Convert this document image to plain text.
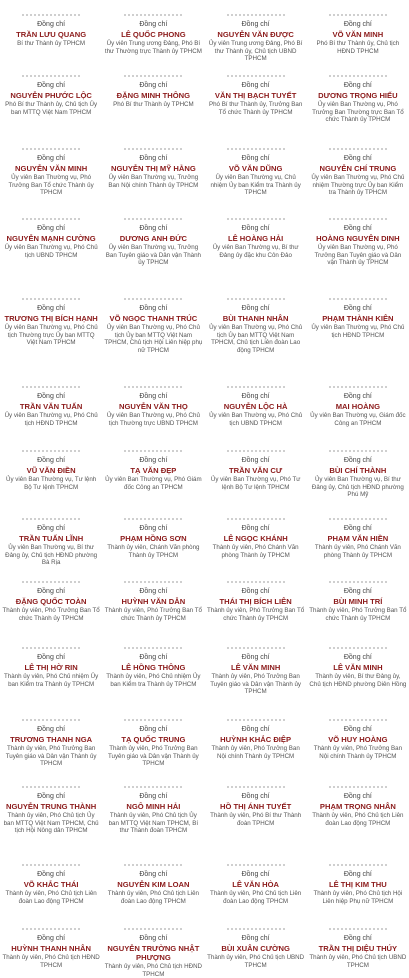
Đồng chí
TRẦN LƯU QUANG
Bí thư Thành ủy TPHCM
Đồng chí
LÊ QUỐC PHONG
Ủy viên Trung ương Đảng, Phó Bí thư Thường trực Thành ủy TPHCM
Đồng chí
NGUYỄN VĂN ĐƯỢC
Ủy viên Trung ương Đảng, Phó Bí thư Thành ủy, Chủ tịch UBND TPHCM
Đồng chí
VÕ VĂN MINH
Phó Bí thư Thành ủy, Chủ tịch HĐND TPHCM
Đồng chí
NGUYỄN PHƯỚC LỘC
Phó Bí thư Thành ủy, Chủ tịch Ủy ban MTTQ Việt Nam TPHCM
Đồng chí
ĐẶNG MINH THÔNG
Phó Bí thư Thành ủy TPHCM
Đồng chí
VĂN THỊ BẠCH TUYẾT
Phó Bí thư Thành ủy, Trưởng Ban Tổ chức Thành ủy TPHCM
Đồng chí
DƯƠNG TRỌNG HIẾU
Ủy viên Ban Thường vụ, Phó Trưởng Ban Thường trực Ban Tổ chức Thành ủy TPHCM
Đồng chí
NGUYỄN VĂN MINH
Ủy viên Ban Thường vụ, Phó Trưởng Ban Tổ chức Thành ủy TPHCM
Đồng chí
NGUYỄN THỊ MỸ HẰNG
Ủy viên Ban Thường vụ, Trưởng Ban Nội chính Thành ủy TPHCM
Đồng chí
VÕ VĂN DŨNG
Ủy viên Ban Thường vụ, Chủ nhiệm Ủy ban Kiểm tra Thành ủy TPHCM
Đồng chí
NGUYỄN CHÍ TRUNG
Ủy viên Ban Thường vụ, Phó Chủ nhiệm Thường trực Ủy ban Kiểm tra Thành ủy TPHCM
Đồng chí
NGUYỄN MẠNH CƯỜNG
Ủy viên Ban Thường vụ, Phó Chủ tịch UBND TPHCM
Đồng chí
DƯƠNG ANH ĐỨC
Ủy viên Ban Thường vụ, Trưởng Ban Tuyên giáo và Dân vận Thành ủy TPHCM
Đồng chí
LÊ HOÀNG HẢI
Ủy viên Ban Thường vụ, Bí thư Đảng ủy đặc khu Côn Đảo
Đồng chí
HOÀNG NGUYÊN DINH
Ủy viên Ban Thường vụ, Phó Trưởng Ban Tuyên giáo và Dân vận Thành ủy TPHCM
Đồng chí
TRƯƠNG THỊ BÍCH HẠNH
Ủy viên Ban Thường vụ, Phó Chủ tịch Thường trực Ủy ban MTTQ Việt Nam TPHCM
Đồng chí
VÕ NGỌC THANH TRÚC
Ủy viên Ban Thường vụ, Phó Chủ tịch Ủy ban MTTQ Việt Nam TPHCM, Chủ tịch Hội Liên hiệp phụ nữ TPHCM
Đồng chí
BÙI THANH NHÂN
Ủy viên Ban Thường vụ, Phó Chủ tịch Ủy ban MTTQ Việt Nam TPHCM, Chủ tịch Liên đoàn Lao động TPHCM
Đồng chí
PHẠM THÀNH KIÊN
Ủy viên Ban Thường vụ, Phó Chủ tịch HĐND TPHCM
Đồng chí
TRẦN VĂN TUẤN
Ủy viên Ban Thường vụ, Phó Chủ tịch HĐND TPHCM
Đồng chí
NGUYỄN VĂN THỌ
Ủy viên Ban Thường vụ, Phó Chủ tịch Thường trực UBND TPHCM
Đồng chí
NGUYỄN LỘC HÀ
Ủy viên Ban Thường vụ, Phó Chủ tịch UBND TPHCM
Đồng chí
MAI HOÀNG
Ủy viên Ban Thường vụ, Giám đốc Công an TPHCM
Đồng chí
VŨ VĂN ĐIỀN
Ủy viên Ban Thường vụ, Tư lệnh Bộ Tư lệnh TPHCM
Đồng chí
TẠ VĂN ĐẸP
Ủy viên Ban Thường vụ, Phó Giám đốc Công an TPHCM
Đồng chí
TRẦN VĂN CƯ
Ủy viên Ban Thường vụ, Phó Tư lệnh Bộ Tư lệnh TPHCM
Đồng chí
BÙI CHÍ THÀNH
Ủy viên Ban Thường vụ, Bí thư Đảng ủy, Chủ tịch HĐND phường Phú Mỹ
Đồng chí
TRẦN TUẤN LĨNH
Ủy viên Ban Thường vụ, Bí thư Đảng ủy, Chủ tịch HĐND phường Bà Rịa
Đồng chí
PHẠM HỒNG SƠN
Thành ủy viên, Chánh Văn phòng Thành ủy TPHCM
Đồng chí
LÊ NGỌC KHÁNH
Thành ủy viên, Phó Chánh Văn phòng Thành ủy TPHCM
Đồng chí
PHẠM VĂN HIỀN
Thành ủy viên, Phó Chánh Văn phòng Thành ủy TPHCM
Đồng chí
ĐẶNG QUỐC TOÀN
Thành ủy viên, Phó Trưởng Ban Tổ chức Thành ủy TPHCM
Đồng chí
HUỲNH VĂN DẪN
Thành ủy viên, Phó Trưởng Ban Tổ chức Thành ủy TPHCM
Đồng chí
THÁI THỊ BÍCH LIÊN
Thành ủy viên, Phó Trưởng Ban Tổ chức Thành ủy TPHCM
Đồng chí
BÙI MINH TRÍ
Thành ủy viên, Phó Trưởng Ban Tổ chức Thành ủy TPHCM
Đồng chí
LÊ THỊ HỜ RIN
Thành ủy viên, Phó Chủ nhiệm Ủy ban Kiểm tra Thành ủy TPHCM
Đồng chí
LÊ HỒNG THÔNG
Thành ủy viên, Phó Chủ nhiệm Ủy ban Kiểm tra Thành ủy TPHCM
Đồng chí
LÊ VĂN MINH
Thành ủy viên, Phó Trưởng Ban Tuyên giáo và Dân vận Thành ủy TPHCM
Đồng chí
LÊ VĂN MINH
Thành ủy viên, Bí thư Đảng ủy, Chủ tịch HĐND phường Diên Hồng
Đồng chí
TRƯƠNG THANH NGA
Thành ủy viên, Phó Trưởng Ban Tuyên giáo và Dân vận Thành ủy TPHCM
Đồng chí
TẠ QUỐC TRUNG
Thành ủy viên, Phó Trưởng Ban Tuyên giáo và Dân vận Thành ủy TPHCM
Đồng chí
HUỲNH KHẮC ĐIỆP
Thành ủy viên, Phó Trưởng Ban Nội chính Thành ủy TPHCM
Đồng chí
VÕ HUY HOÀNG
Thành ủy viên, Phó Trưởng Ban Nội chính Thành ủy TPHCM
Đồng chí
NGUYỄN TRUNG THÀNH
Thành ủy viên, Phó Chủ tịch Ủy ban MTTQ Việt Nam TPHCM, Chủ tịch Hội Nông dân TPHCM
Đồng chí
NGÔ MINH HẢI
Thành ủy viên, Phó Chủ tịch Ủy ban MTTQ Việt Nam TPHCM, Bí thư Thành đoàn TPHCM
Đồng chí
HỒ THỊ ÁNH TUYẾT
Thành ủy viên, Phó Bí thư Thành đoàn TPHCM
Đồng chí
PHẠM TRỌNG NHÂN
Thành ủy viên, Phó Chủ tịch Liên đoàn Lao động TPHCM
Đồng chí
VÕ KHẮC THÁI
Thành ủy viên, Phó Chủ tịch Liên đoàn Lao động TPHCM
Đồng chí
NGUYỄN KIM LOAN
Thành ủy viên, Phó Chủ tịch Liên đoàn Lao động TPHCM
Đồng chí
LÊ VĂN HÒA
Thành ủy viên, Phó Chủ tịch Liên đoàn Lao động TPHCM
Đồng chí
LÊ THỊ KIM THU
Thành ủy viên, Phó Chủ tịch Hội Liên hiệp Phụ nữ TPHCM
Đồng chí
HUỲNH THANH NHÂN
Thành ủy viên, Phó Chủ tịch HĐND TPHCM
Đồng chí
NGUYỄN TRƯỜNG NHẬT PHƯỢNG
Thành ủy viên, Phó Chủ tịch HĐND TPHCM
Đồng chí
BÙI XUÂN CƯỜNG
Thành ủy viên, Phó Chủ tịch UBND TPHCM
Đồng chí
TRẦN THỊ DIỆU THÚY
Thành ủy viên, Phó Chủ tịch UBND TPHCM
